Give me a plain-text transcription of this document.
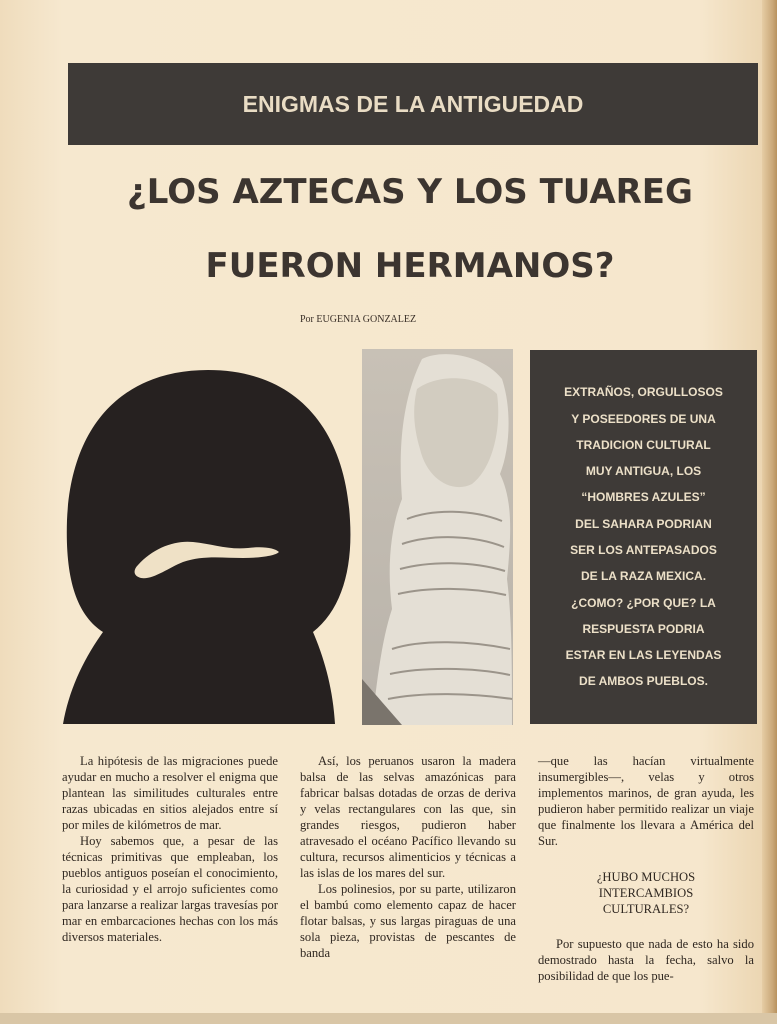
ENIGMAS DE LA ANTIGUEDAD
¿LOS AZTECAS Y LOS TUAREG
FUERON HERMANOS?
Por EUGENIA GONZALEZ
EXTRAÑOS, ORGULLOSOS
Y POSEEDORES DE UNA
TRADICION CULTURAL
MUY ANTIGUA, LOS
“HOMBRES AZULES”
DEL SAHARA PODRIAN
SER LOS ANTEPASADOS
DE LA RAZA MEXICA.
¿COMO? ¿POR QUE? LA
RESPUESTA PODRIA
ESTAR EN LAS LEYENDAS
DE AMBOS PUEBLOS.

La hipótesis de las migraciones puede ayudar en mucho a resolver el enigma que plantean las similitudes culturales entre razas ubicadas en sitios alejados entre sí por miles de kilómetros de mar.

Hoy sabemos que, a pesar de las técnicas primitivas que empleaban, los pueblos antiguos poseían el conocimiento, la curiosidad y el arrojo suficientes como para lanzarse a realizar largas travesías por mar en embarcaciones hechas con los más diversos materiales.

Así, los peruanos usaron la madera balsa de las selvas amazónicas para fabricar balsas dotadas de orzas de deriva y velas rectangulares con las que, sin grandes riesgos, pudieron haber atravesado el océano Pacífico llevando su cultura, recursos alimenticios y técnicas a las islas de los mares del sur.

Los polinesios, por su parte, utilizaron el bambú como elemento capaz de hacer flotar balsas, y sus largas piraguas de una sola pieza, provistas de pescantes de banda

—que las hacían virtualmente insumergibles—, velas y otros implementos marinos, de gran ayuda, les pudieron haber permitido realizar un viaje que finalmente los llevara a América del Sur.

¿HUBO MUCHOS
INTERCAMBIOS
CULTURALES?

Por supuesto que nada de esto ha sido demostrado hasta la fecha, salvo la posibilidad de que los pue-
